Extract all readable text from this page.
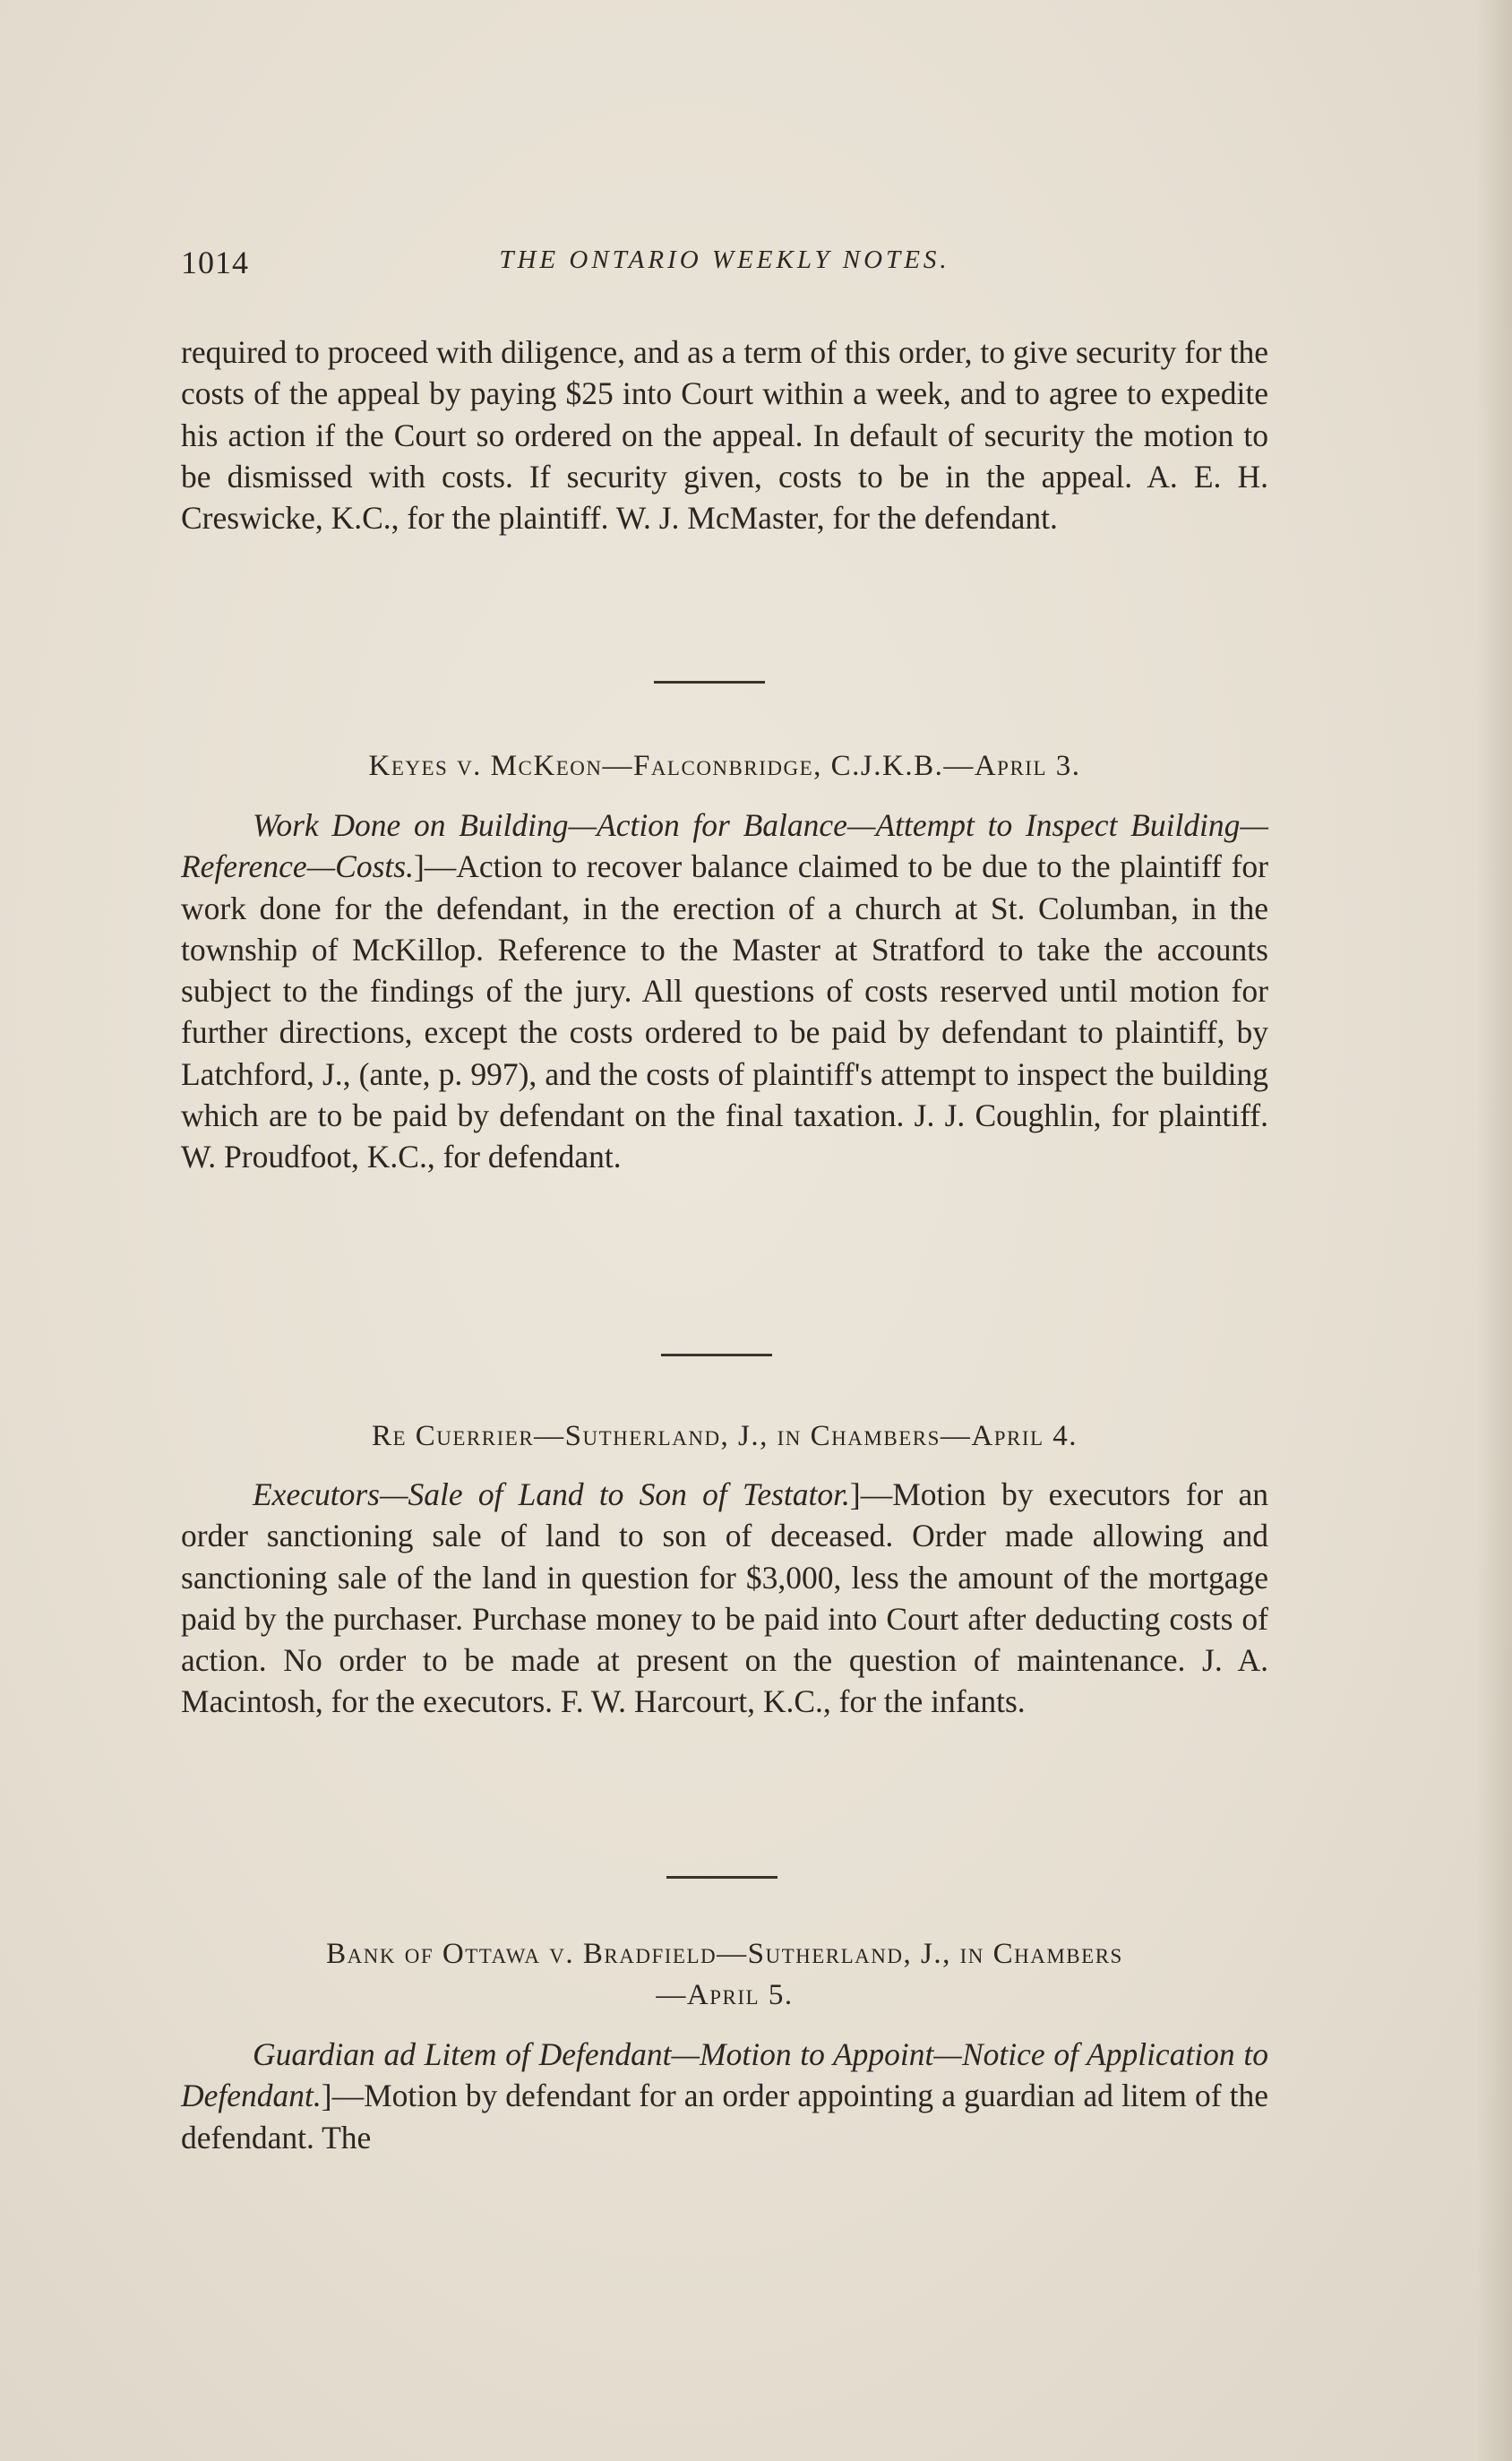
1014	THE ONTARIO WEEKLY NOTES.

required to proceed with diligence, and as a term of this order, to give security for the costs of the appeal by paying $25 into Court within a week, and to agree to expedite his action if the Court so ordered on the appeal. In default of security the motion to be dismissed with costs. If security given, costs to be in the appeal. A. E. H. Creswicke, K.C., for the plaintiff. W. J. McMaster, for the defendant.

Keyes v. McKeon—Falconbridge, C.J.K.B.—April 3.

Work Done on Building—Action for Balance—Attempt to Inspect Building—Reference—Costs.]—Action to recover balance claimed to be due to the plaintiff for work done for the defendant, in the erection of a church at St. Columban, in the township of McKillop. Reference to the Master at Stratford to take the accounts subject to the findings of the jury. All questions of costs reserved until motion for further directions, except the costs ordered to be paid by defendant to plaintiff, by Latchford, J., (ante, p. 997), and the costs of plaintiff's attempt to inspect the building which are to be paid by defendant on the final taxation. J. J. Coughlin, for plaintiff. W. Proudfoot, K.C., for defendant.

Re Cuerrier—Sutherland, J., in Chambers—April 4.

Executors—Sale of Land to Son of Testator.]—Motion by executors for an order sanctioning sale of land to son of deceased. Order made allowing and sanctioning sale of the land in question for $3,000, less the amount of the mortgage paid by the purchaser. Purchase money to be paid into Court after deducting costs of action. No order to be made at present on the question of maintenance. J. A. Macintosh, for the executors. F. W. Harcourt, K.C., for the infants.

Bank of Ottawa v. Bradfield—Sutherland, J., in Chambers
—April 5.

Guardian ad Litem of Defendant—Motion to Appoint—Notice of Application to Defendant.]—Motion by defendant for an order appointing a guardian ad litem of the defendant. The
